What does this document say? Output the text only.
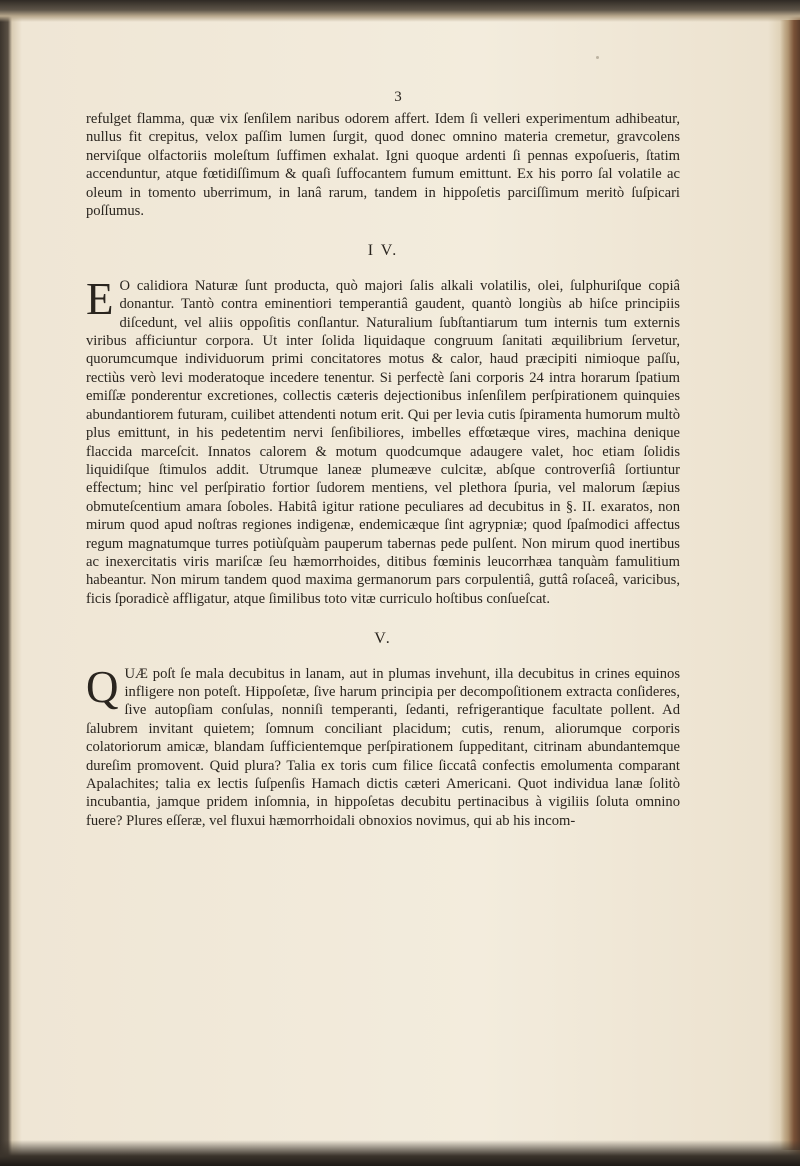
3

refulget flamma, quæ vix ſenſilem naribus odorem affert. Idem ſi velleri experimentum adhibeatur, nullus fit crepitus, velox paſſim lumen ſurgit, quod donec omnino materia cremetur, gravcolens nerviſque olfactoriis moleſtum ſuffimen exhalat. Igni quoque ardenti ſi pennas expoſueris, ſtatim accenduntur, atque fœtidiſſimum & quaſi ſuffocantem fumum emittunt. Ex his porro ſal volatile ac oleum in tomento uberrimum, in lanâ rarum, tandem in hippoſetis parciſſimum meritò ſuſpicari poſſumus.

I V.

E O calidiora Naturæ ſunt producta, quò majori ſalis alkali volatilis, olei, ſulphuriſque copiâ donantur. Tantò contra eminentiori temperantiâ gaudent, quantò longiùs ab hiſce principiis diſcedunt, vel aliis oppoſitis conſlantur. Naturalium ſubſtantiarum tum internis tum externis viribus afficiuntur corpora. Ut inter ſolida liquidaque congruum ſanitati æquilibrium ſervetur, quorumcumque individuorum primi concitatores motus & calor, haud præcipiti nimioque paſſu, rectiùs verò levi moderatoque incedere tenentur. Si perfectè ſani corporis 24 intra horarum ſpatium emiſſæ ponderentur excretiones, collectis cæteris dejectionibus inſenſilem perſpirationem quinquies abundantiorem futuram, cuilibet attendenti notum erit. Qui per levia cutis ſpiramenta humorum multò plus emittunt, in his pedetentim nervi ſenſibiliores, imbelles effœtæque vires, machina denique flaccida marceſcit. Innatos calorem & motum quodcumque adaugere valet, hoc etiam ſolidis liquidiſque ſtimulos addit. Utrumque laneæ plumeæve culcitæ, abſque controverſiâ ſortiuntur effectum; hinc vel perſpiratio fortior ſudorem mentiens, vel plethora ſpuria, vel malorum ſæpius obmuteſcentium amara ſoboles. Habitâ igitur ratione peculiares ad decubitus in §. II. exaratos, non mirum quod apud noſtras regiones indigenæ, endemicæque ſint agrypniæ; quod ſpaſmodici affectus regum magnatumque turres potiùſquàm pauperum tabernas pede pulſent. Non mirum quod inertibus ac inexercitatis viris mariſcæ ſeu hæmorrhoides, ditibus fœminis leucorrhæa tanquàm famulitium habeantur. Non mirum tandem quod maxima germanorum pars corpulentiâ, guttâ roſaceâ, varicibus, ficis ſporadicè affligatur, atque ſimilibus toto vitæ curriculo hoſtibus conſueſcat.

V.

QUÆ poſt ſe mala decubitus in lanam, aut in plumas invehunt, illa decubitus in crines equinos infligere non poteſt. Hippoſetæ, ſive harum principia per decompoſitionem extracta conſideres, ſive autopſiam conſulas, nonniſi temperanti, ſedanti, refrigerantique facultate pollent. Ad ſalubrem invitant quietem; ſomnum conciliant placidum; cutis, renum, aliorumque corporis colatoriorum amicæ, blandam ſufficientemque perſpirationem ſuppeditant, citrinam abundantemque dureſim promovent. Quid plura? Talia ex toris cum filice ſiccatâ confectis emolumenta comparant Apalachites; talia ex lectis ſuſpenſis Hamach dictis cæteri Americani. Quot individua lanæ ſolitò incubantia, jamque pridem inſomnia, in hippoſetas decubitu pertinacibus à vigiliis ſoluta omnino fuere? Plures eſſeræ, vel fluxui hæmorrhoidali obnoxios novimus, qui ab his incom-
